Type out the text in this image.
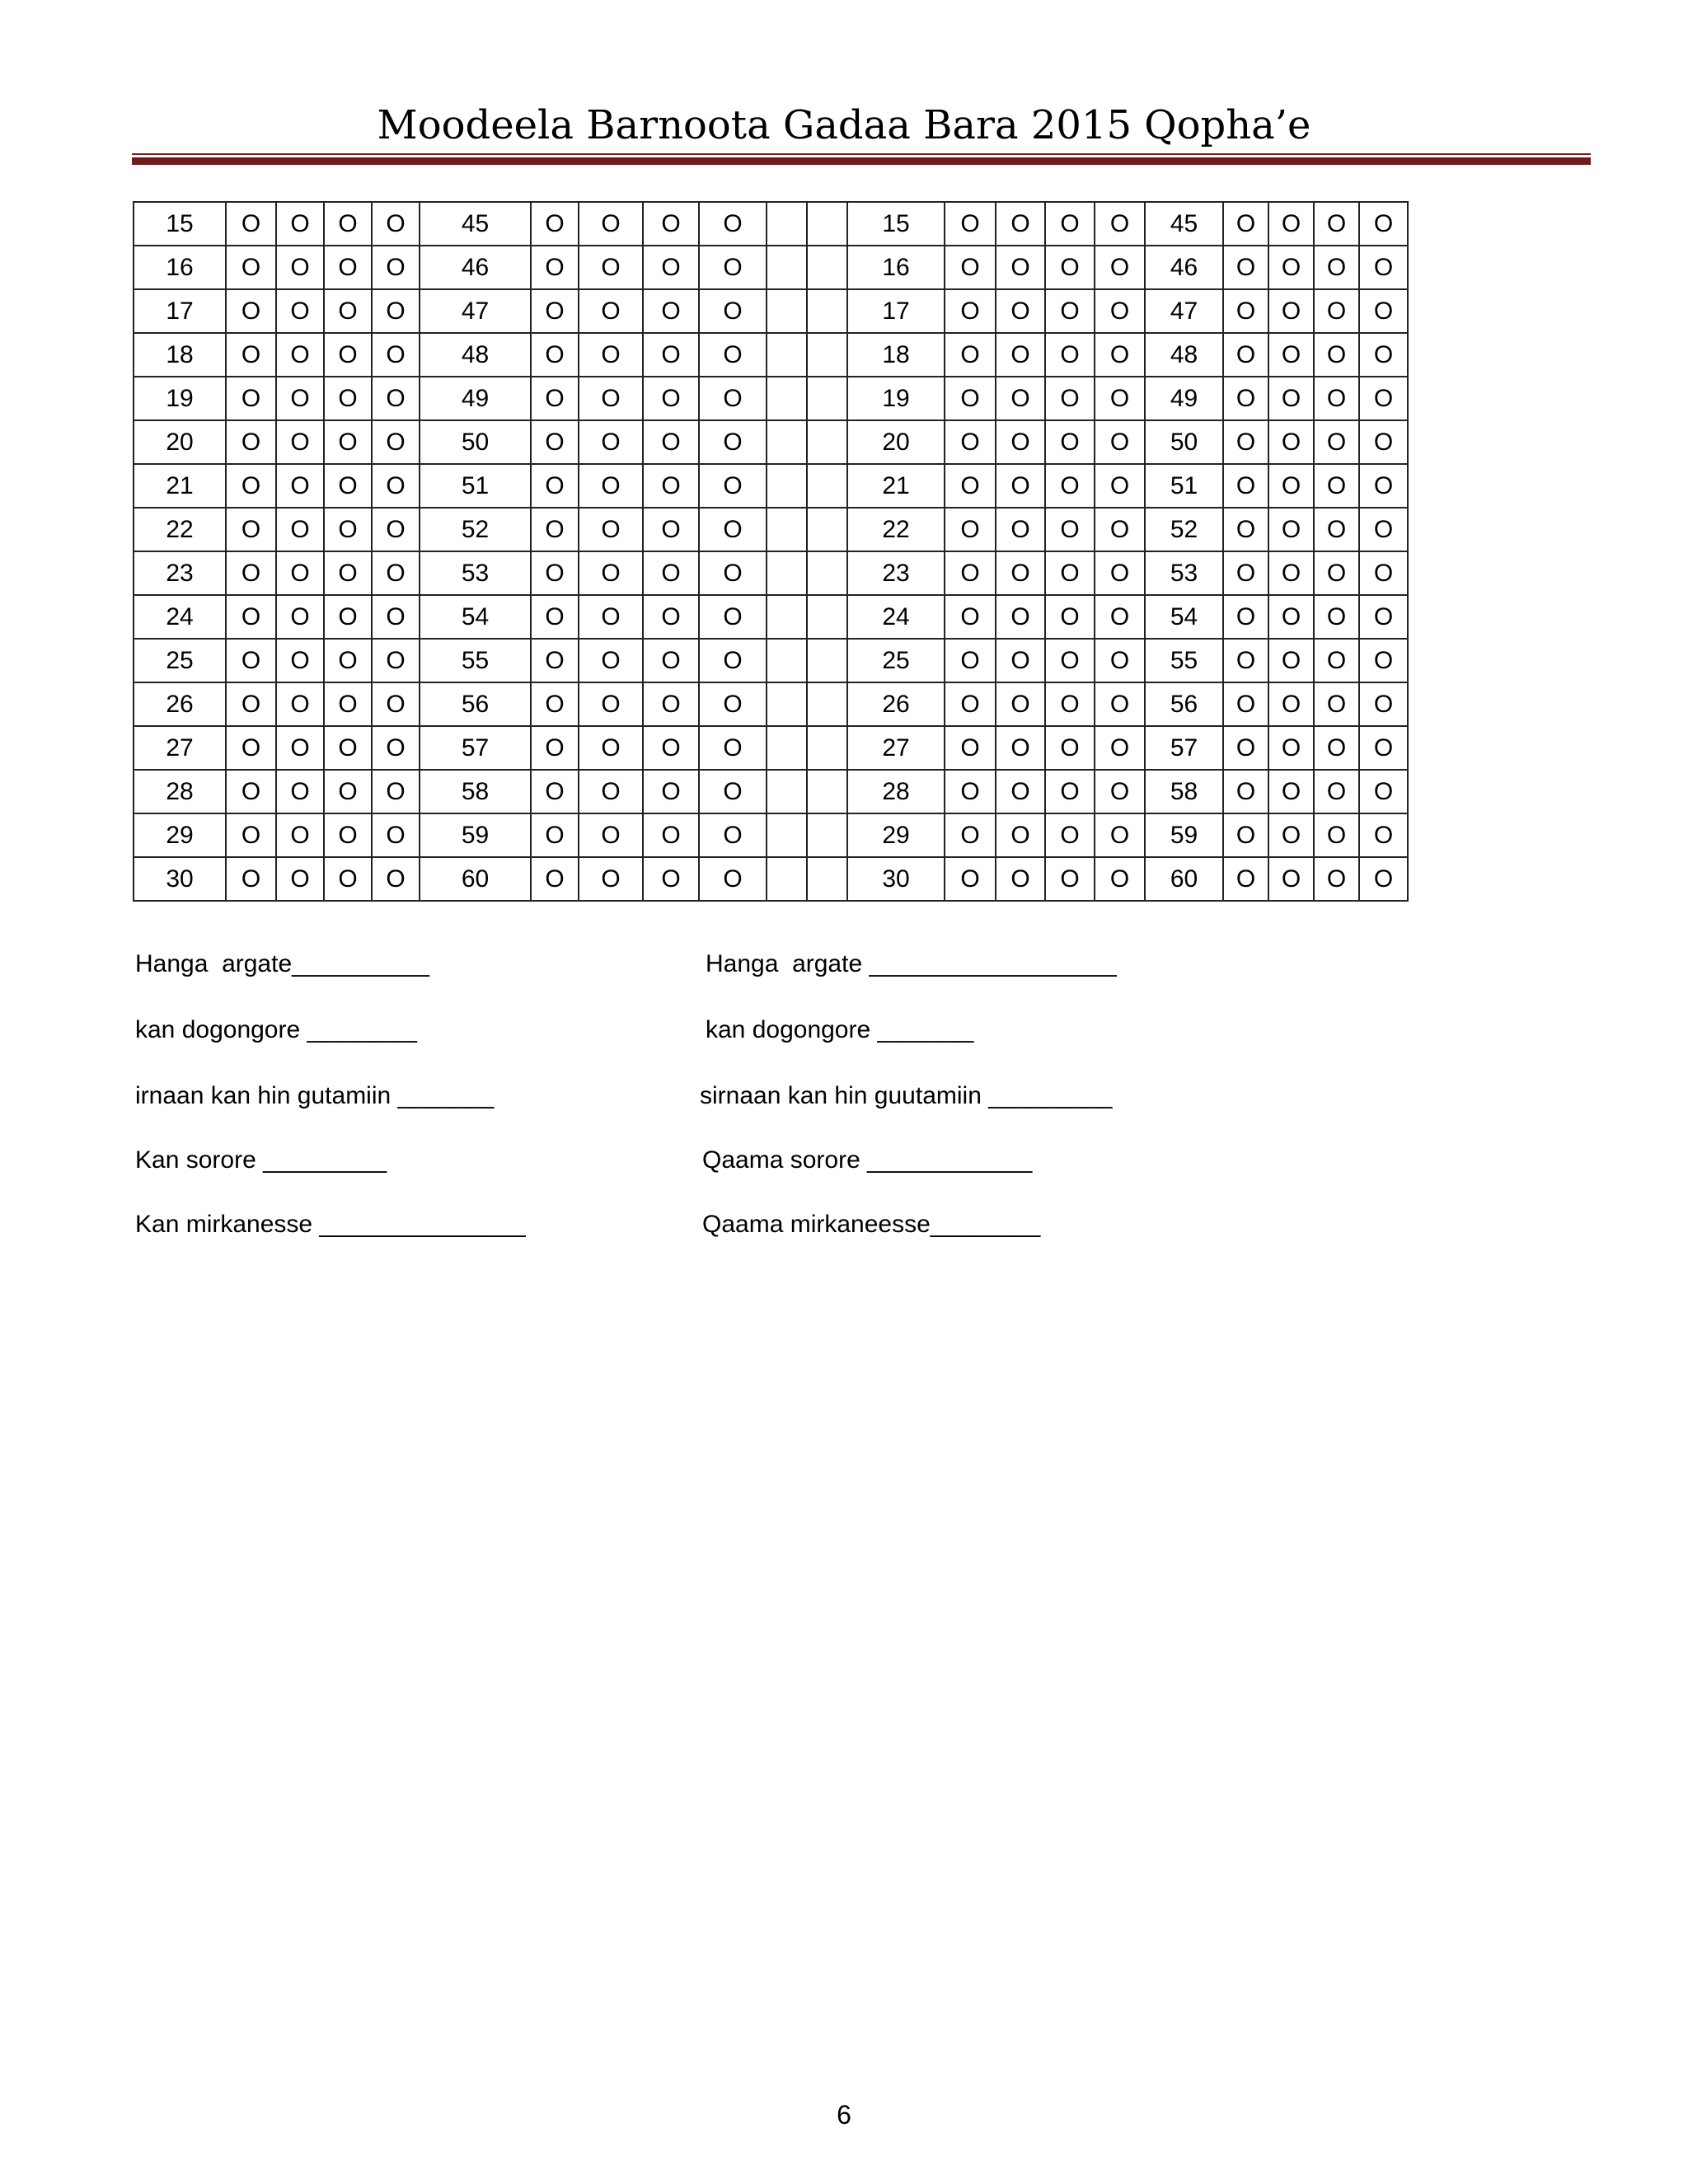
Moodeela Barnoota Gadaa Bara 2015 Qopha’e
15	O	O	O	O	45	O	O	O	O			15	O	O	O	O	45	O	O	O	O
16	O	O	O	O	46	O	O	O	O			16	O	O	O	O	46	O	O	O	O
17	O	O	O	O	47	O	O	O	O			17	O	O	O	O	47	O	O	O	O
18	O	O	O	O	48	O	O	O	O			18	O	O	O	O	48	O	O	O	O
19	O	O	O	O	49	O	O	O	O			19	O	O	O	O	49	O	O	O	O
20	O	O	O	O	50	O	O	O	O			20	O	O	O	O	50	O	O	O	O
21	O	O	O	O	51	O	O	O	O			21	O	O	O	O	51	O	O	O	O
22	O	O	O	O	52	O	O	O	O			22	O	O	O	O	52	O	O	O	O
23	O	O	O	O	53	O	O	O	O			23	O	O	O	O	53	O	O	O	O
24	O	O	O	O	54	O	O	O	O			24	O	O	O	O	54	O	O	O	O
25	O	O	O	O	55	O	O	O	O			25	O	O	O	O	55	O	O	O	O
26	O	O	O	O	56	O	O	O	O			26	O	O	O	O	56	O	O	O	O
27	O	O	O	O	57	O	O	O	O			27	O	O	O	O	57	O	O	O	O
28	O	O	O	O	58	O	O	O	O			28	O	O	O	O	58	O	O	O	O
29	O	O	O	O	59	O	O	O	O			29	O	O	O	O	59	O	O	O	O
30	O	O	O	O	60	O	O	O	O			30	O	O	O	O	60	O	O	O	O
Hanga  argate__________
kan dogongore ________
irnaan kan hin gutamiin _______
Kan sorore _________
Kan mirkanesse _______________
Hanga  argate __________________
kan dogongore _______
sirnaan kan hin guutamiin _________
Qaama sorore ____________
Qaama mirkaneesse________
6
